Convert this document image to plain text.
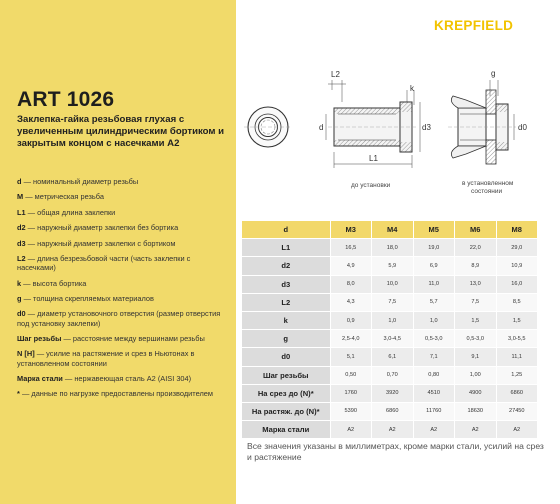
ART 1026
Заклепка-гайка резьбовая глухая с увеличенным цилиндрическим бортиком и закрытым концом с насечками А2
d — номинальный диаметр резьбы
M — метрическая резьба
L1 — общая длина заклепки
d2 — наружный диаметр заклепки без бортика
d3 — наружный диаметр заклепки с бортиком
L2 — длина безрезьбовой части (часть заклепки с насечками)
k — высота бортика
g — толщина скрепляемых материалов
d0 — диаметр установочного отверстия (размер отверстия под установку заклепки)
Шаг резьбы — расстояние между вершинами резьбы
N [H] — усилие на растяжение и срез в Ньютонах в установленном состоянии
Марка стали — нержавеющая сталь А2 (AISI 304)
* — данные по нагрузке предоставлены производителем
KREPFIELD
L2
k
d	d3
L1
до установки
g
d0
в установленном
состоянии
d	M3	M4	M5	M6	M8
L1	16,5	18,0	19,0	22,0	29,0
d2	4,9	5,9	6,9	8,9	10,9
d3	8,0	10,0	11,0	13,0	16,0
L2	4,3	7,5	5,7	7,5	8,5
k	0,9	1,0	1,0	1,5	1,5
g	2,5-4,0	3,0-4,5	0,5-3,0	0,5-3,0	3,0-5,5
d0	5,1	6,1	7,1	9,1	11,1
Шаг резьбы	0,50	0,70	0,80	1,00	1,25
На срез до (N)*	1760	3920	4510	4900	6860
На растяж. до (N)*	5390	6860	11760	18630	27450
Марка стали	А2	А2	А2	А2	А2
Все значения указаны в миллиметрах, кроме марки стали, усилий на срез и растяжение
